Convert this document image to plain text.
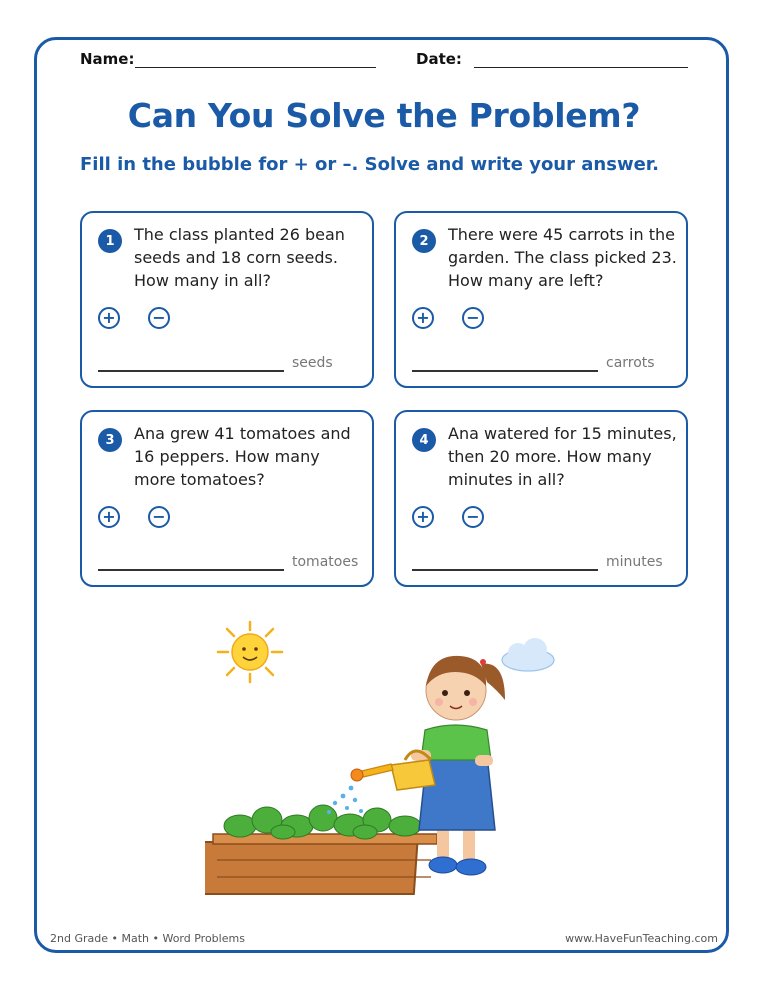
Name:	Date:
Can You Solve the Problem?
Fill in the bubble for + or –. Solve and write your answer.
1	The class planted 26 bean seeds and 18 corn seeds. How many in all?
+ −
seeds
2	There were 45 carrots in the garden. The class picked 23. How many are left?
+ −
carrots
3	Ana grew 41 tomatoes and 16 peppers. How many more tomatoes?
+ −
tomatoes
4	Ana watered for 15 minutes, then 20 more. How many minutes in all?
+ −
minutes
2nd Grade • Math • Word Problems	www.HaveFunTeaching.com
